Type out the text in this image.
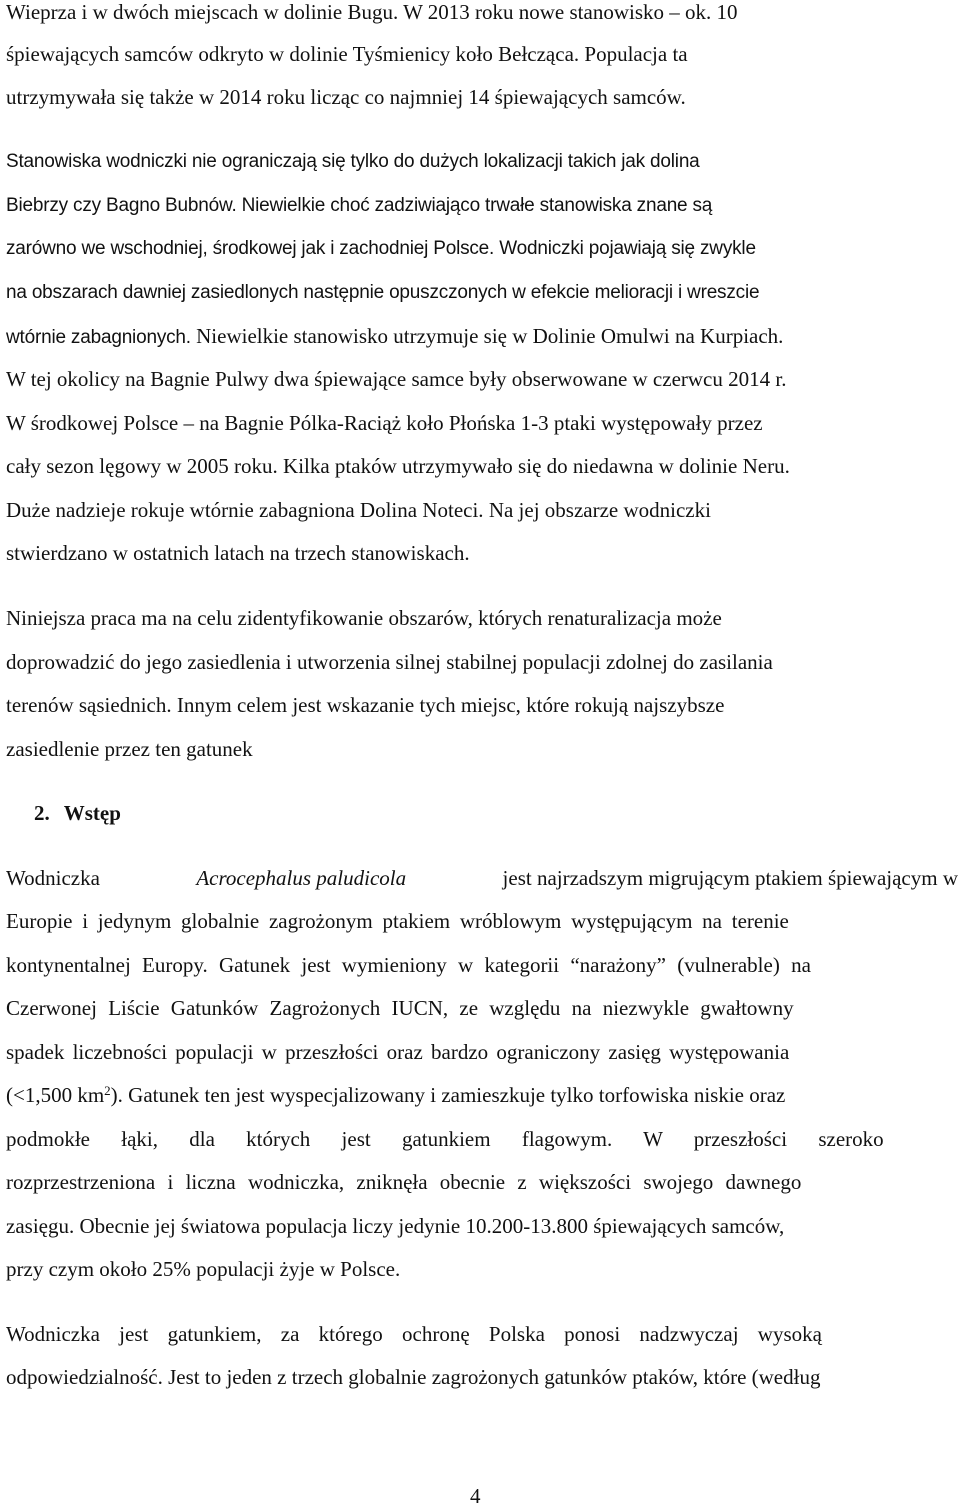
Wieprza i w dwóch miejscach w dolinie Bugu. W 2013 roku nowe stanowisko – ok. 10
śpiewających samców odkryto w dolinie Tyśmienicy koło Bełcząca. Populacja ta
utrzymywała się także w 2014 roku licząc co najmniej 14 śpiewających samców.
Stanowiska wodniczki nie ograniczają się tylko do dużych lokalizacji takich jak dolina
Biebrzy czy Bagno Bubnów. Niewielkie choć zadziwiająco trwałe stanowiska znane są
zarówno we wschodniej, środkowej jak i zachodniej Polsce. Wodniczki pojawiają się zwykle
na obszarach dawniej zasiedlonych następnie opuszczonych w efekcie melioracji i wreszcie
wtórnie zabagnionych. Niewielkie stanowisko utrzymuje się w Dolinie Omulwi na Kurpiach.
W tej okolicy na Bagnie Pulwy dwa śpiewające samce były obserwowane w czerwcu 2014 r.
W środkowej Polsce – na Bagnie Pólka-Raciąż koło Płońska 1-3 ptaki występowały przez
cały sezon lęgowy w 2005 roku. Kilka ptaków utrzymywało się do niedawna w dolinie Neru.
Duże nadzieje rokuje wtórnie zabagniona Dolina Noteci. Na jej obszarze wodniczki
stwierdzano w ostatnich latach na trzech stanowiskach.
Niniejsza praca ma na celu zidentyfikowanie obszarów, których renaturalizacja może
doprowadzić do jego zasiedlenia i utworzenia silnej stabilnej populacji zdolnej do zasilania
terenów sąsiednich. Innym celem jest wskazanie tych miejsc, które rokują najszybsze
zasiedlenie przez ten gatunek
2. Wstęp
Wodniczka	Acrocephalus paludicola	jest najrzadszym migrującym ptakiem śpiewającym w
Europie i jedynym globalnie zagrożonym ptakiem wróblowym występującym na terenie
kontynentalnej Europy. Gatunek jest wymieniony w kategorii “narażony” (vulnerable) na
Czerwonej Liście Gatunków Zagrożonych IUCN, ze względu na niezwykle gwałtowny
spadek liczebności populacji w przeszłości oraz bardzo ograniczony zasięg występowania
(<1,500 $km^2$). Gatunek ten jest wyspecjalizowany i zamieszkuje tylko torfowiska niskie oraz
podmokłe łąki, dla których jest gatunkiem flagowym. W przeszłości szeroko
rozprzestrzeniona i liczna wodniczka, zniknęła obecnie z większości swojego dawnego
zasięgu. Obecnie jej światowa populacja liczy jedynie 10.200-13.800 śpiewających samców,
przy czym około 25% populacji żyje w Polsce.
Wodniczka jest gatunkiem, za którego ochronę Polska ponosi nadzwyczaj wysoką
odpowiedzialność. Jest to jeden z trzech globalnie zagrożonych gatunków ptaków, które (według
4
